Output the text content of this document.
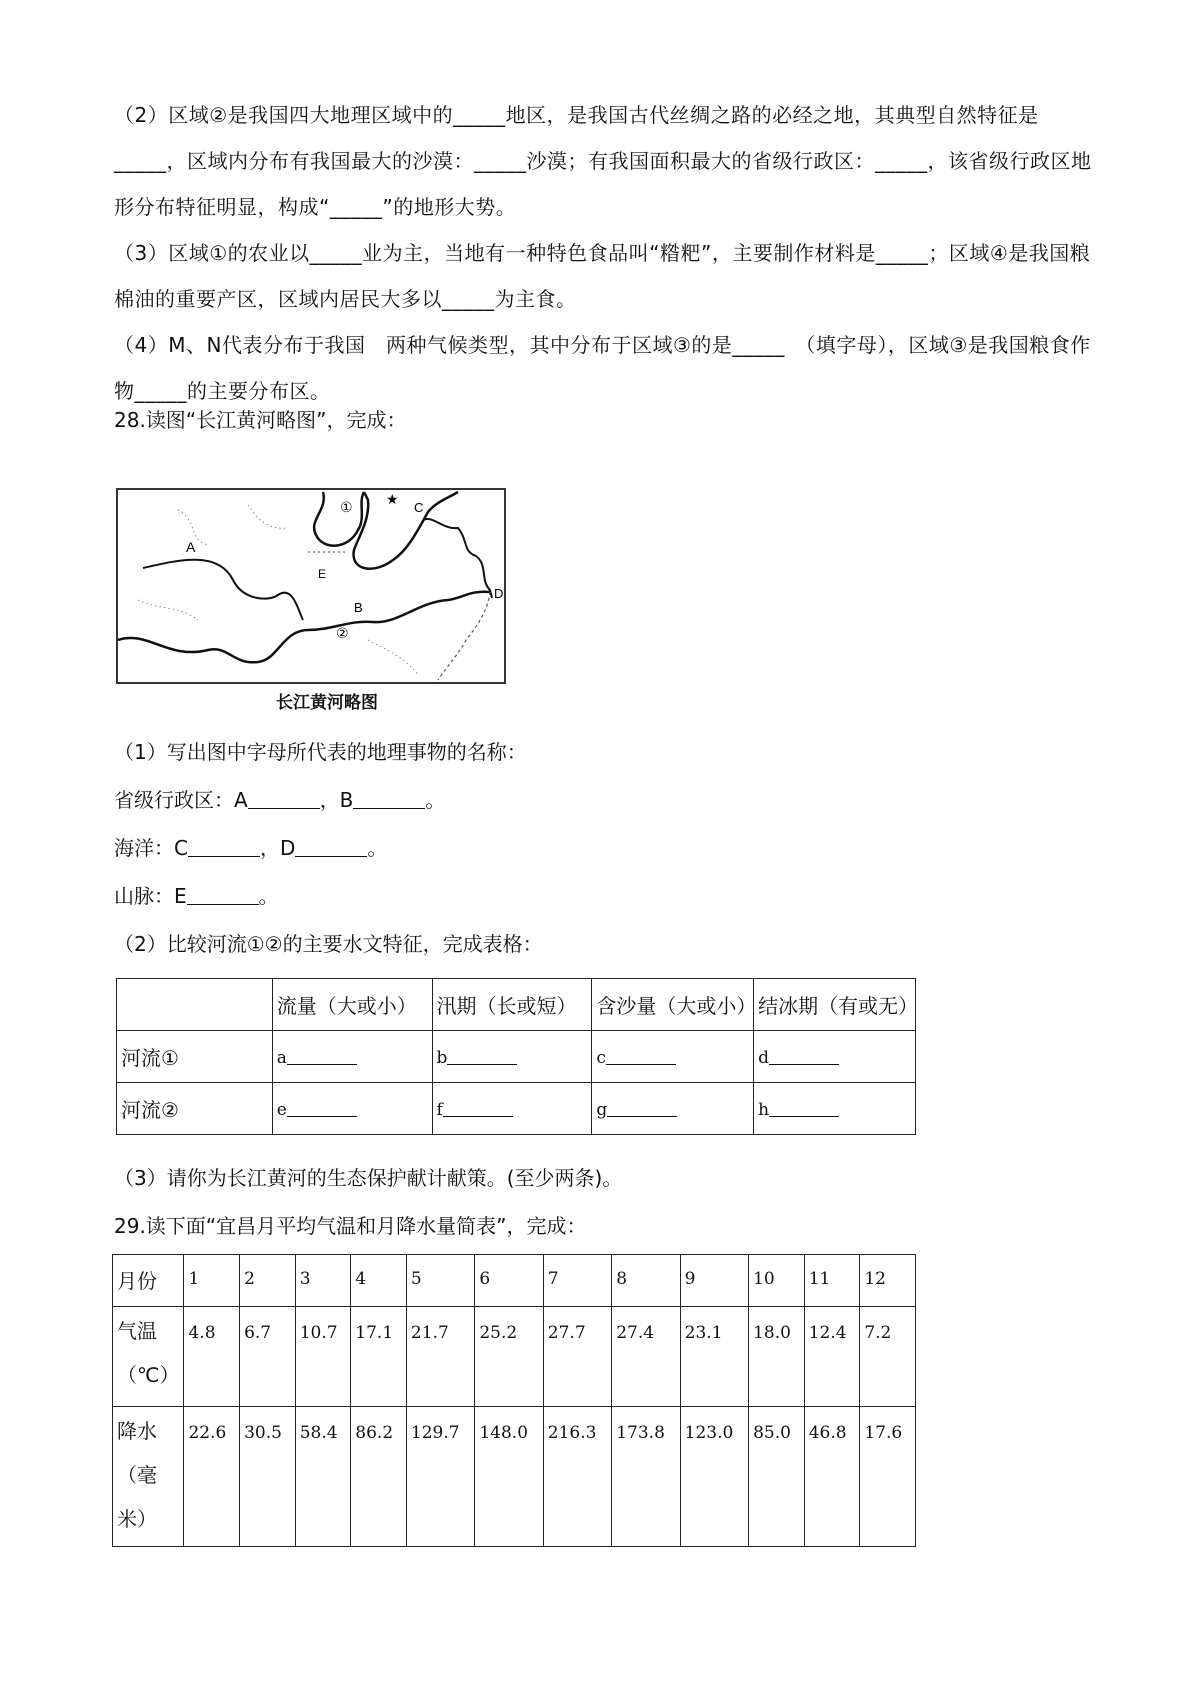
（2）区域②是我国四大地理区域中的_____地区，是我国古代丝绸之路的必经之地，其典型自然特征是_____，区域内分布有我国最大的沙漠：_____沙漠；有我国面积最大的省级行政区：_____，该省级行政区地形分布特征明显，构成“_____”的地形大势。

（3）区域①的农业以_____业为主，当地有一种特色食品叫“糌粑”，主要制作材料是_____；区域④是我国粮棉油的重要产区，区域内居民大多以_____为主食。

（4）M、N代表分布于我国　两种气候类型，其中分布于区域③的是_____　（填字母），区域③是我国粮食作物_____的主要分布区。

28.读图“长江黄河略图”，完成：

A
B
C
D
E
①
②
★
长江黄河略图

（1）写出图中字母所代表的地理事物的名称：

省级行政区：A	，B	。

海洋：C	，D	。

山脉：E	。

（2）比较河流①②的主要水文特征，完成表格：

	流量（大或小）	汛期（长或短）	含沙量（大或小）	结冰期（有或无）
河流①	a	b	c	d
河流②	e	f	g	h

（3）请你为长江黄河的生态保护献计献策。(至少两条)。

29.读下面“宜昌月平均气温和月降水量简表”，完成：

月份	1	2	3	4	5	6	7	8	9	10	11	12

气温
（℃）	4.8	6.7	10.7	17.1	21.7	25.2	27.7	27.4	23.1	18.0	12.4	7.2

降水
（毫
米）	22.6	30.5	58.4	86.2	129.7	148.0	216.3	173.8	123.0	85.0	46.8	17.6
